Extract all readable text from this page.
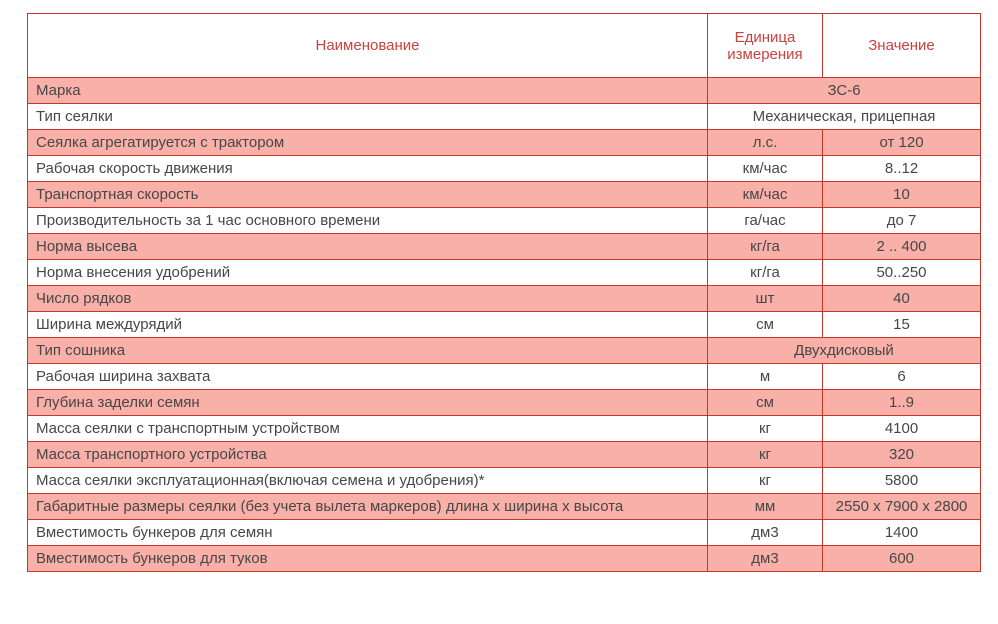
Наименование	Единица измерения	Значение
Марка	ЗС-6	
Тип сеялки	Механическая, прицепная	
Сеялка агрегатируется с трактором	л.с.	от 120
Рабочая скорость движения	км/час	8..12
Транспортная скорость	км/час	10
Производительность за 1 час основного времени	га/час	до 7
Норма высева	кг/га	2 .. 400
Норма внесения удобрений	кг/га	50..250
Число рядков	шт	40
Ширина междурядий	см	15
Тип сошника	Двухдисковый	
Рабочая ширина захвата	м	6
Глубина заделки семян	см	1..9
Масса сеялки с транспортным устройством	кг	4100
Масса транспортного устройства	кг	320
Масса сеялки эксплуатационная(включая семена и удобрения)*	кг	5800
Габаритные размеры сеялки (без учета вылета маркеров) длина х ширина х высота	мм	2550 х 7900 х 2800
Вместимость бункеров для семян	дм3	1400
Вместимость бункеров для туков	дм3	600
